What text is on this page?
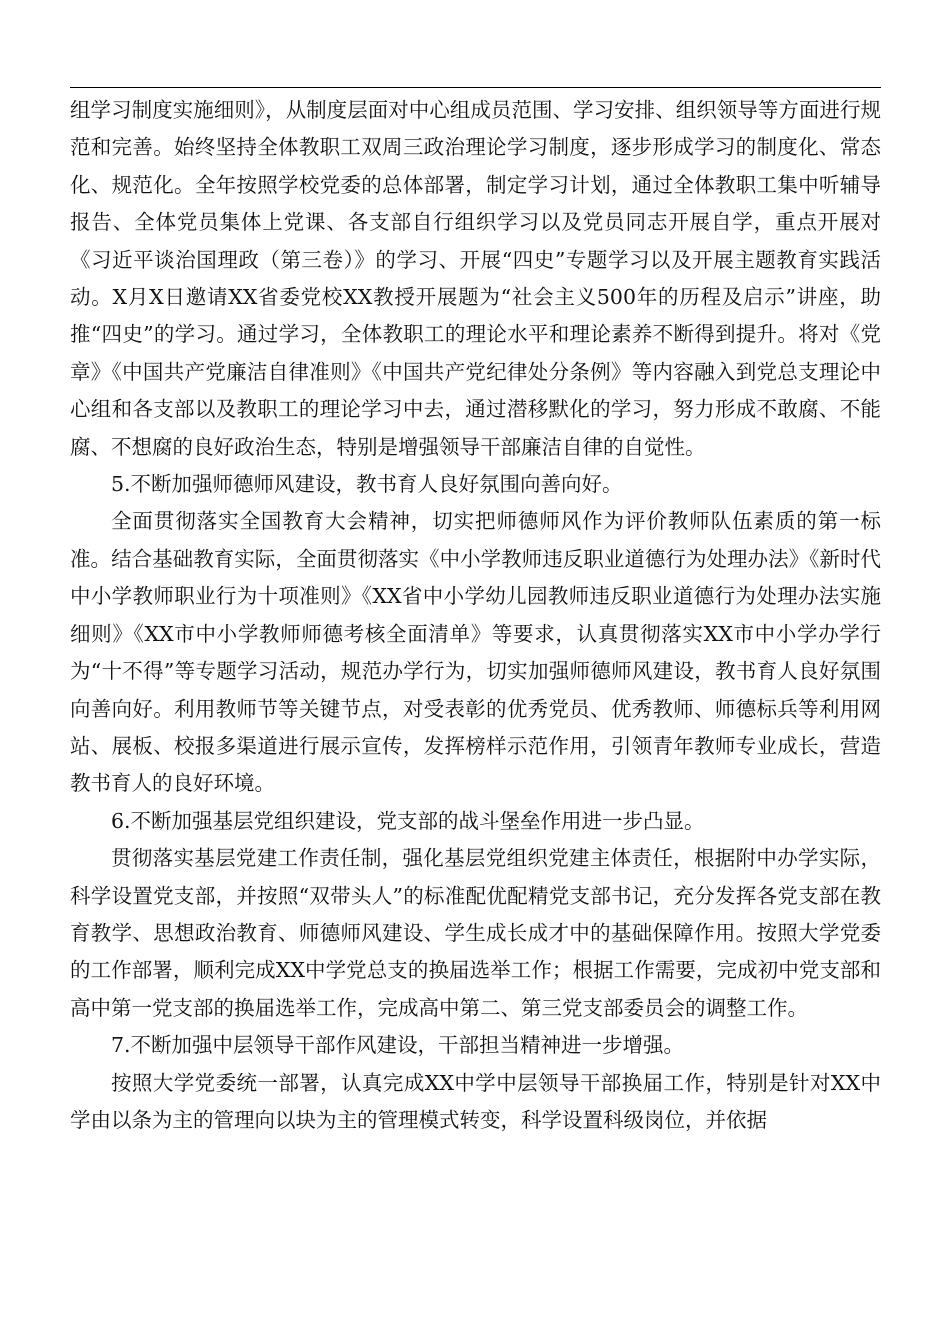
组学习制度实施细则》，从制度层面对中心组成员范围、学习安排、组织领导等方面进行规范和完善。始终坚持全体教职工双周三政治理论学习制度，逐步形成学习的制度化、常态化、规范化。全年按照学校党委的总体部署，制定学习计划，通过全体教职工集中听辅导报告、全体党员集体上党课、各支部自行组织学习以及党员同志开展自学，重点开展对《习近平谈治国理政（第三卷）》的学习、开展“四史”专题学习以及开展主题教育实践活动。X月X日邀请XX省委党校XX教授开展题为“社会主义500年的历程及启示”讲座，助推“四史”的学习。通过学习，全体教职工的理论水平和理论素养不断得到提升。将对《党章》《中国共产党廉洁自律准则》《中国共产党纪律处分条例》等内容融入到党总支理论中心组和各支部以及教职工的理论学习中去，通过潜移默化的学习，努力形成不敢腐、不能腐、不想腐的良好政治生态，特别是增强领导干部廉洁自律的自觉性。

5.不断加强师德师风建设，教书育人良好氛围向善向好。

全面贯彻落实全国教育大会精神，切实把师德师风作为评价教师队伍素质的第一标准。结合基础教育实际，全面贯彻落实《中小学教师违反职业道德行为处理办法》《新时代中小学教师职业行为十项准则》《XX省中小学幼儿园教师违反职业道德行为处理办法实施细则》《XX市中小学教师师德考核全面清单》等要求，认真贯彻落实XX市中小学办学行为“十不得”等专题学习活动，规范办学行为，切实加强师德师风建设，教书育人良好氛围向善向好。利用教师节等关键节点，对受表彰的优秀党员、优秀教师、师德标兵等利用网站、展板、校报多渠道进行展示宣传，发挥榜样示范作用，引领青年教师专业成长，营造教书育人的良好环境。

6.不断加强基层党组织建设，党支部的战斗堡垒作用进一步凸显。

贯彻落实基层党建工作责任制，强化基层党组织党建主体责任，根据附中办学实际，科学设置党支部，并按照“双带头人”的标准配优配精党支部书记，充分发挥各党支部在教育教学、思想政治教育、师德师风建设、学生成长成才中的基础保障作用。按照大学党委的工作部署，顺利完成XX中学党总支的换届选举工作；根据工作需要，完成初中党支部和高中第一党支部的换届选举工作，完成高中第二、第三党支部委员会的调整工作。

7.不断加强中层领导干部作风建设，干部担当精神进一步增强。

按照大学党委统一部署，认真完成XX中学中层领导干部换届工作，特别是针对XX中学由以条为主的管理向以块为主的管理模式转变，科学设置科级岗位，并依据
